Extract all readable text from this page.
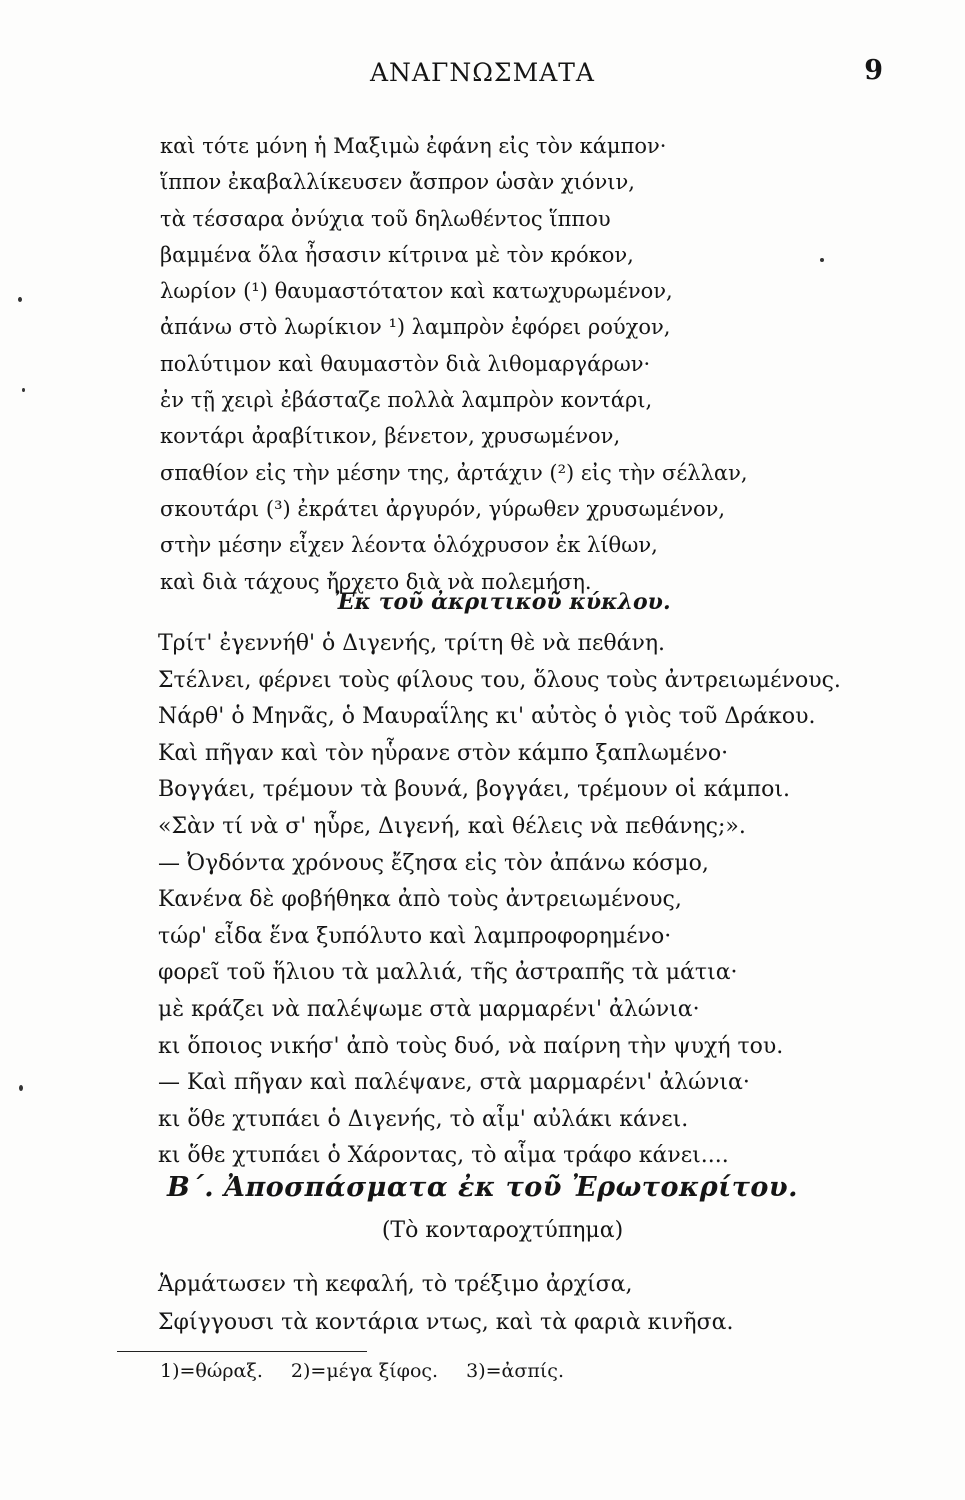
ΑΝΑΓΝΩΣΜΑΤΑ	9
καὶ τότε μόνη ἡ Μαξιμὼ ἐφάνη εἰς τὸν κάμπον·
ἵππον ἐκαβαλλίκευσεν ἄσπρον ὡσὰν χιόνιν,
τὰ τέσσαρα ὀνύχια τοῦ δηλωθέντος ἵππου
βαμμένα ὅλα ἦσασιν κίτρινα μὲ τὸν κρόκον,
λωρίον (¹) θαυμαστότατον καὶ κατωχυρωμένον,
ἀπάνω στὸ λωρίκιον ¹) λαμπρὸν ἐφόρει ρούχον,
πολύτιμον καὶ θαυμαστὸν διὰ λιθομαργάρων·
ἐν τῇ χειρὶ ἐβάσταζε πολλὰ λαμπρὸν κοντάρι,
κοντάρι ἀραβίτικον, βένετον, χρυσωμένον,
σπαθίον εἰς τὴν μέσην της, ἀρτάχιν (²) εἰς τὴν σέλλαν,
σκουτάρι (³) ἐκράτει ἀργυρόν, γύρωθεν χρυσωμένον,
στὴν μέσην εἶχεν λέοντα ὁλόχρυσον ἐκ λίθων,
καὶ διὰ τάχους ἤρχετο διὰ νὰ πολεμήση.
Ἐκ τοῦ ἀκριτικοῦ κύκλου.
Τρίτ' ἐγεννήθ' ὁ Διγενής, τρίτη θὲ νὰ πεθάνη.
Στέλνει, φέρνει τοὺς φίλους του, ὅλους τοὺς ἀντρειωμένους.
Νάρθ' ὁ Μηνᾶς, ὁ Μαυραΐλης κι' αὐτὸς ὁ γιὸς τοῦ Δράκου.
Καὶ πῆγαν καὶ τὸν ηὗρανε στὸν κάμπο ξαπλωμένο·
Βογγάει, τρέμουν τὰ βουνά, βογγάει, τρέμουν οἱ κάμποι.
«Σὰν τί νὰ σ' ηὗρε, Διγενή, καὶ θέλεις νὰ πεθάνης;».
— Ὀγδόντα χρόνους ἔζησα εἰς τὸν ἀπάνω κόσμο,
Κανένα δὲ φοβήθηκα ἀπὸ τοὺς ἀντρειωμένους,
τώρ' εἶδα ἕνα ξυπόλυτο καὶ λαμπροφορημένο·
φορεῖ τοῦ ἥλιου τὰ μαλλιά, τῆς ἀστραπῆς τὰ μάτια·
μὲ κράζει νὰ παλέψωμε στὰ μαρμαρένι' ἀλώνια·
κι ὅποιος νικήσ' ἀπὸ τοὺς δυό, νὰ παίρνη τὴν ψυχή του.
— Καὶ πῆγαν καὶ παλέψανε, στὰ μαρμαρένι' ἀλώνια·
κι ὅθε χτυπάει ὁ Διγενής, τὸ αἷμ' αὐλάκι κάνει.
κι ὅθε χτυπάει ὁ Χάροντας, τὸ αἷμα τράφο κάνει....
Β΄. Ἀποσπάσματα ἐκ τοῦ Ἐρωτοκρίτου.
(Τὸ κονταροχτύπημα)
Ἁρμάτωσεν τὴ κεφαλή, τὸ τρέξιμο ἀρχίσα,
Σφίγγουσι τὰ κοντάρια ντως, καὶ τὰ φαριὰ κινῆσα.
1)=θώραξ. 2)=μέγα ξίφος. 3)=ἀσπίς.
